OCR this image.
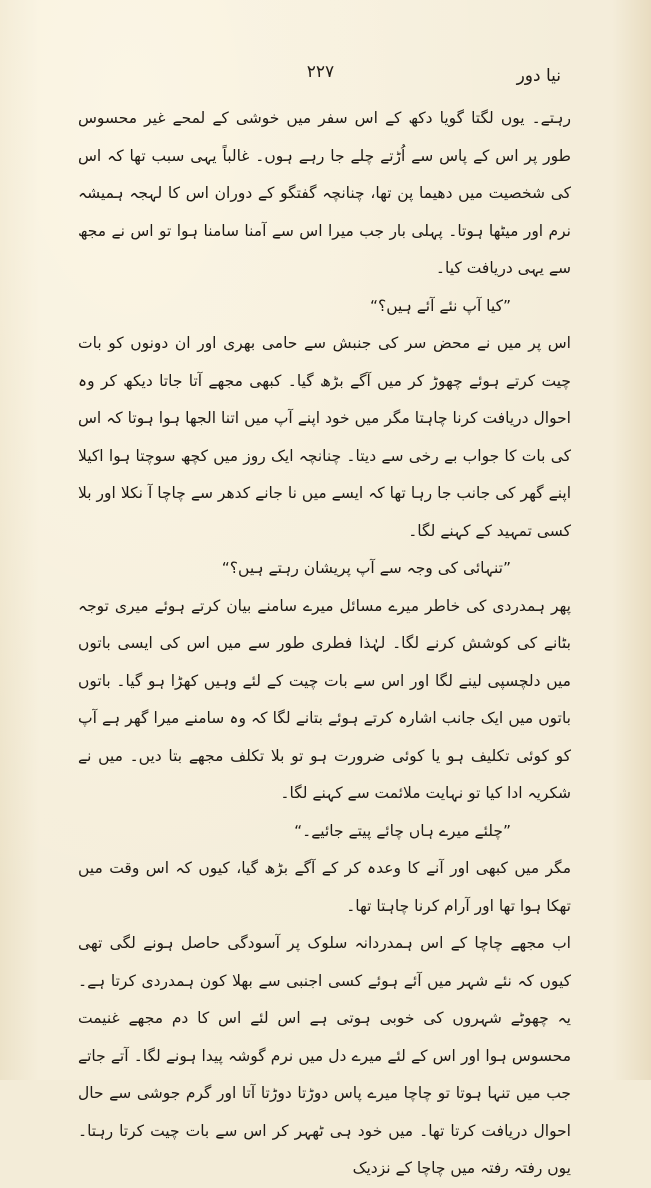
نیا دور
۲۲۷

رہتے۔ یوں لگتا گویا دکھ کے اس سفر میں خوشی کے لمحے غیر محسوس طور پر اس کے پاس سے اُڑتے چلے جا رہے ہوں۔ غالباً یہی سبب تھا کہ اس کی شخصیت میں دھیما پن تھا، چنانچہ گفتگو کے دوران اس کا لہجہ ہمیشہ نرم اور میٹھا ہوتا۔ پہلی بار جب میرا اس سے آمنا سامنا ہوا تو اس نے مجھ سے یہی دریافت کیا۔

”کیا آپ نئے آئے ہیں؟“

اس پر میں نے محض سر کی جنبش سے حامی بھری اور ان دونوں کو بات چیت کرتے ہوئے چھوڑ کر میں آگے بڑھ گیا۔ کبھی مجھے آتا جاتا دیکھ کر وہ احوال دریافت کرنا چاہتا مگر میں خود اپنے آپ میں اتنا الجھا ہوا ہوتا کہ اس کی بات کا جواب بے رخی سے دیتا۔ چنانچہ ایک روز میں کچھ سوچتا ہوا اکیلا اپنے گھر کی جانب جا رہا تھا کہ ایسے میں نا جانے کدھر سے چاچا آ نکلا اور بلا کسی تمہید کے کہنے لگا۔

”تنہائی کی وجہ سے آپ پریشان رہتے ہیں؟“

پھر ہمدردی کی خاطر میرے مسائل میرے سامنے بیان کرتے ہوئے میری توجہ بٹانے کی کوشش کرنے لگا۔ لہٰذا فطری طور سے میں اس کی ایسی باتوں میں دلچسپی لینے لگا اور اس سے بات چیت کے لئے وہیں کھڑا ہو گیا۔ باتوں باتوں میں ایک جانب اشارہ کرتے ہوئے بتانے لگا کہ وہ سامنے میرا گھر ہے آپ کو کوئی تکلیف ہو یا کوئی ضرورت ہو تو بلا تکلف مجھے بتا دیں۔ میں نے شکریہ ادا کیا تو نہایت ملائمت سے کہنے لگا۔

”چلئے میرے ہاں چائے پیتے جائیے۔“

مگر میں کبھی اور آنے کا وعدہ کر کے آگے بڑھ گیا، کیوں کہ اس وقت میں تھکا ہوا تھا اور آرام کرنا چاہتا تھا۔

اب مجھے چاچا کے اس ہمدردانہ سلوک پر آسودگی حاصل ہونے لگی تھی کیوں کہ نئے شہر میں آئے ہوئے کسی اجنبی سے بھلا کون ہمدردی کرتا ہے۔ یہ چھوٹے شہروں کی خوبی ہوتی ہے اس لئے اس کا دم مجھے غنیمت محسوس ہوا اور اس کے لئے میرے دل میں نرم گوشہ پیدا ہونے لگا۔ آتے جاتے جب میں تنہا ہوتا تو چاچا میرے پاس دوڑتا دوڑتا آتا اور گرم جوشی سے حال احوال دریافت کرتا تھا۔ میں خود ہی ٹھہر کر اس سے بات چیت کرتا رہتا۔ یوں رفتہ رفتہ میں چاچا کے نزدیک
